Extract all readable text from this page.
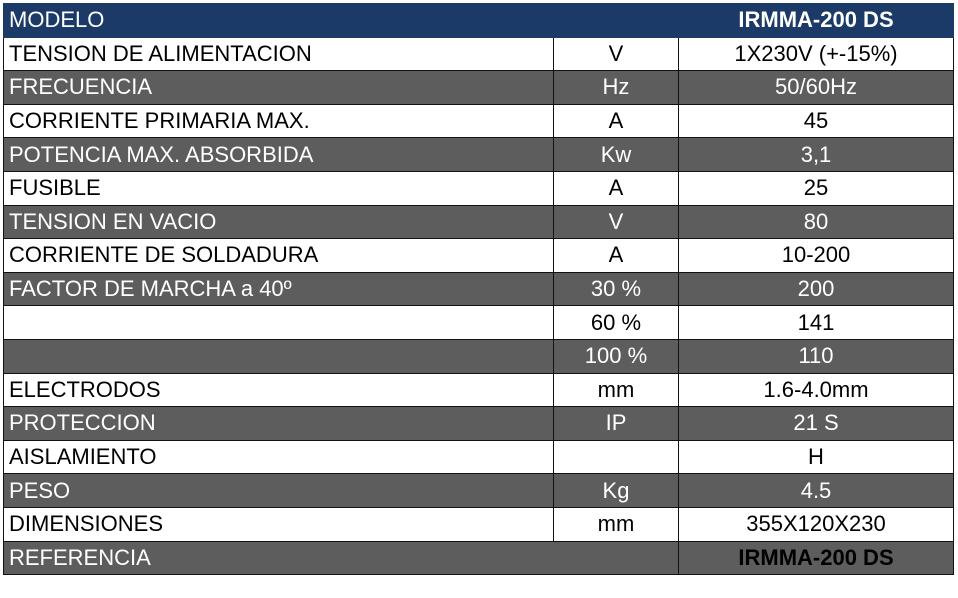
MODELO		IRMMA-200 DS
TENSION DE ALIMENTACION	V	1X230V (+-15%)
FRECUENCIA	Hz	50/60Hz
CORRIENTE PRIMARIA MAX.	A	45
POTENCIA MAX. ABSORBIDA	Kw	3,1
FUSIBLE	A	25
TENSION EN VACIO	V	80
CORRIENTE DE SOLDADURA	A	10-200
FACTOR DE MARCHA a 40º	30 %	200
	60 %	141
	100 %	110
ELECTRODOS	mm	1.6-4.0mm
PROTECCION	IP	21 S
AISLAMIENTO		H
PESO	Kg	4.5
DIMENSIONES	mm	355X120X230
REFERENCIA		IRMMA-200 DS
